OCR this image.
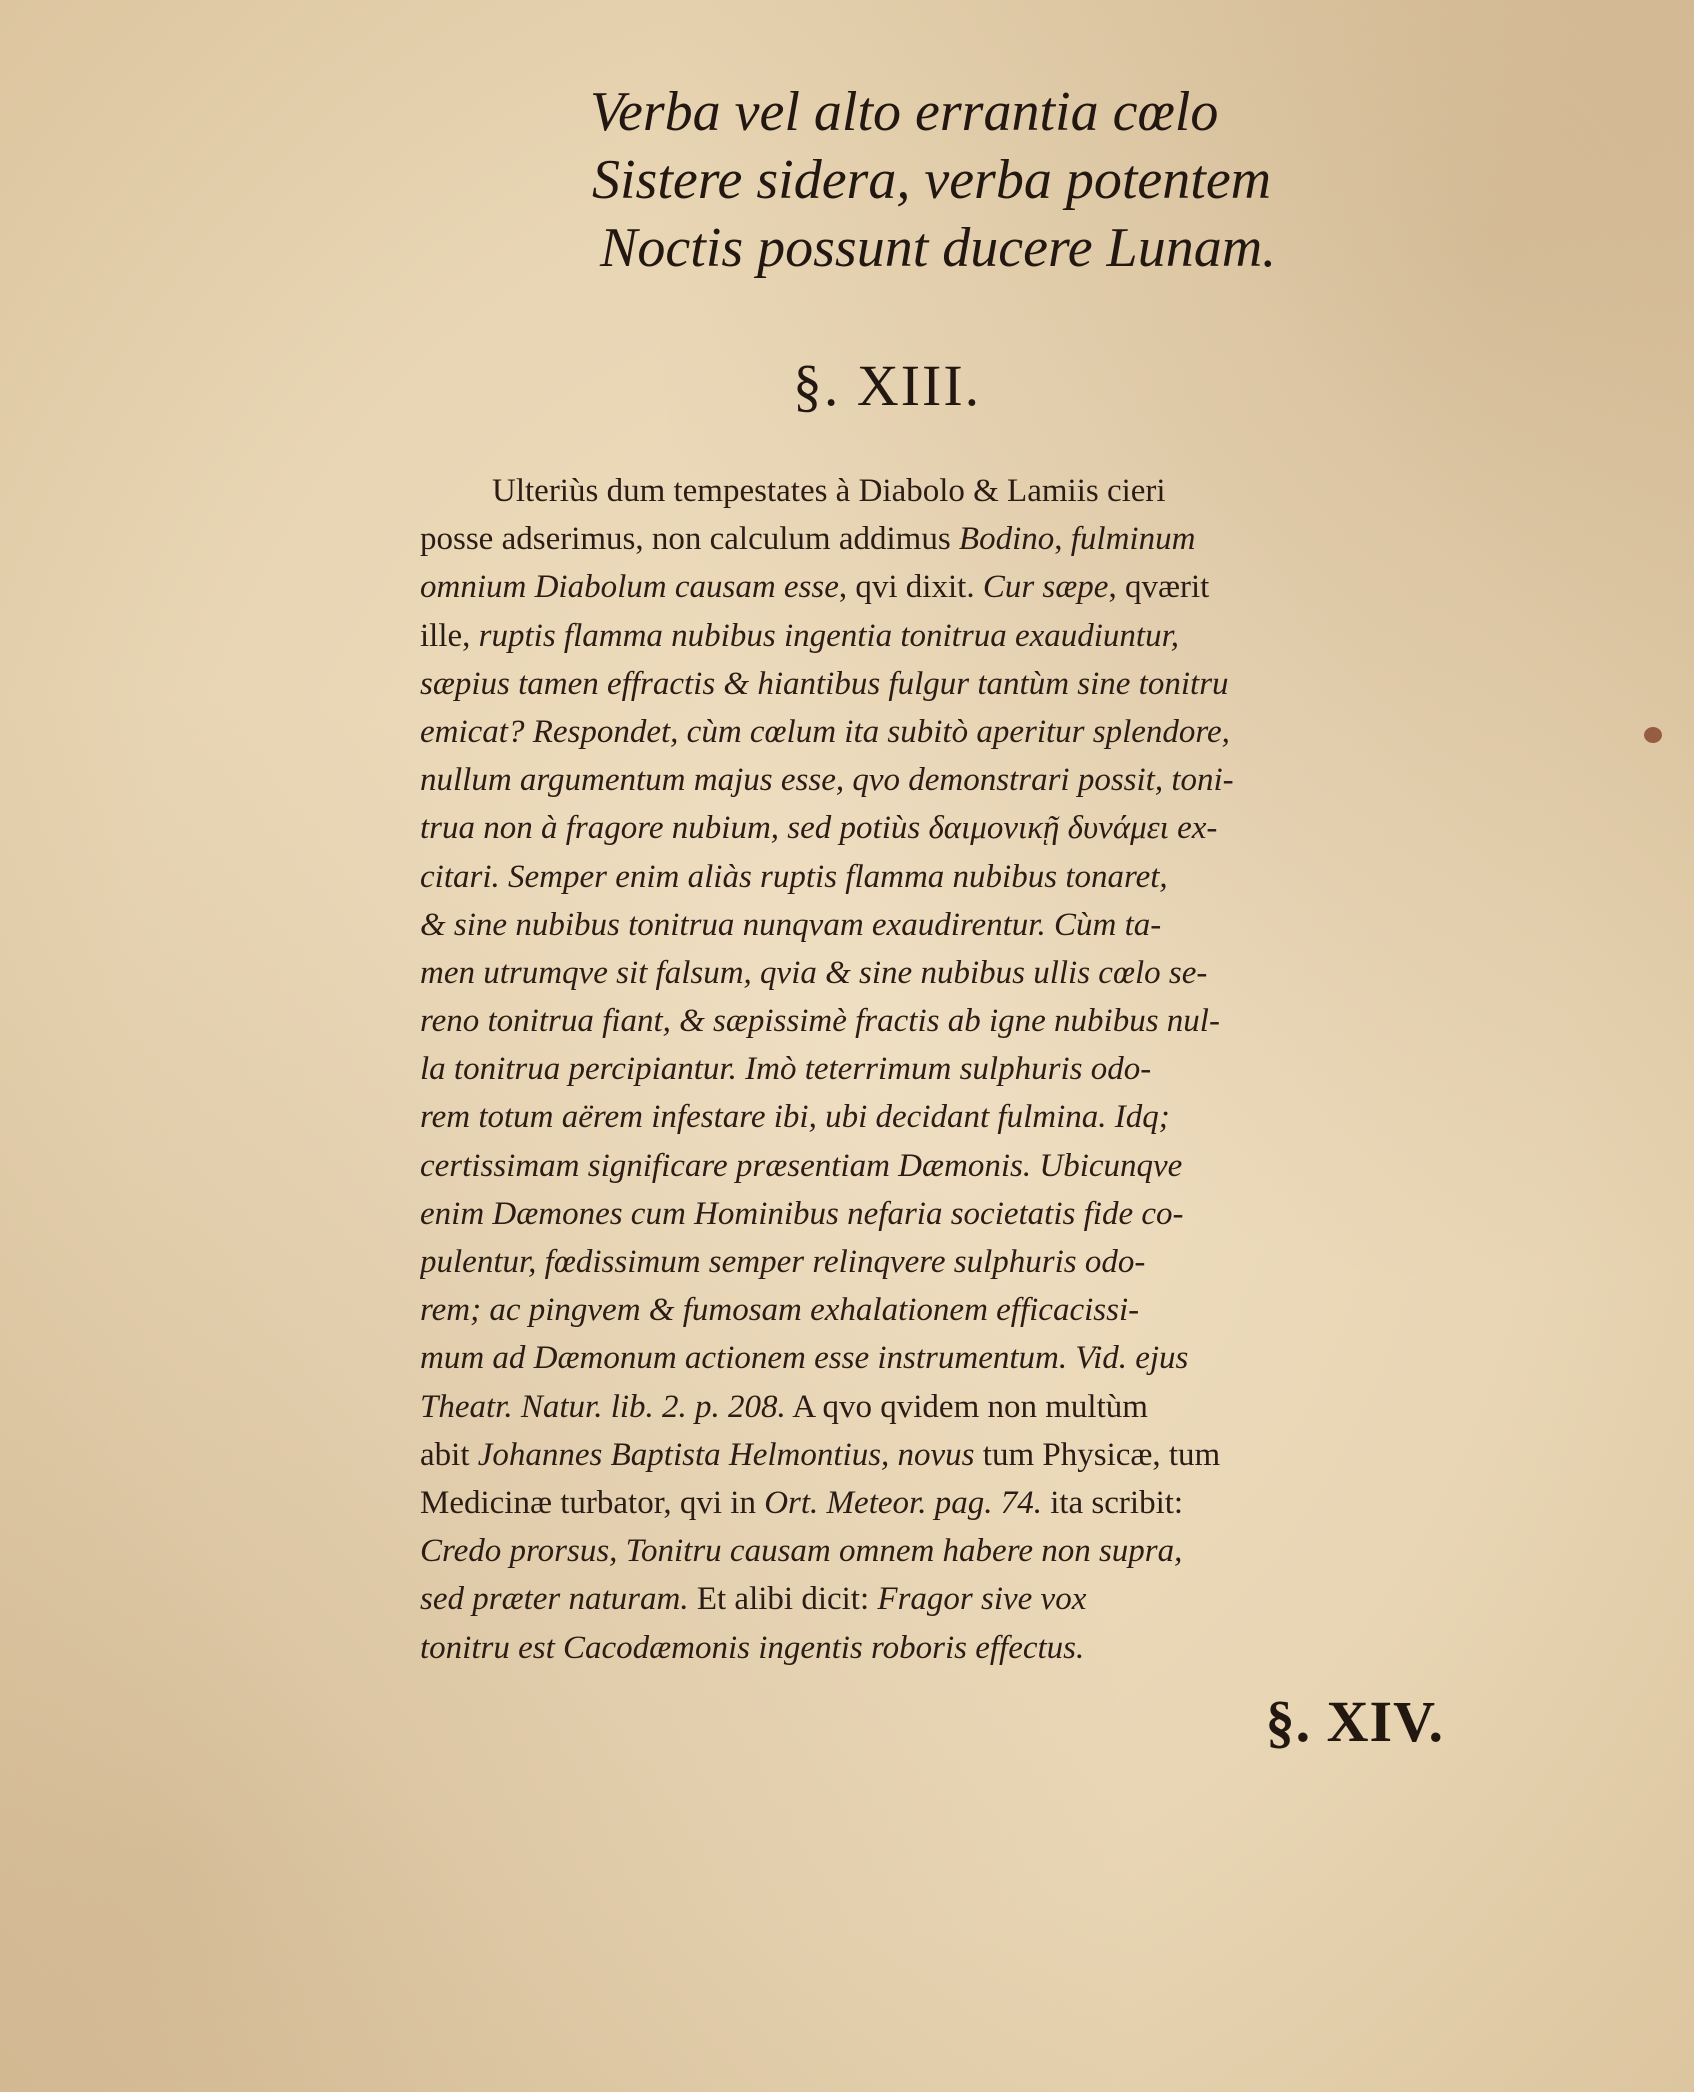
Verba vel alto errantia cœlo
Sistere sidera, verba potentem
Noctis possunt ducere Lunam.
§. XIII.
Ulteriùs dum tempestates à Diabolo & Lamiis cieri
posse adserimus, non calculum addimus Bodino, fulminum
omnium Diabolum causam esse, qvi dixit. Cur sæpe, qværit
ille, ruptis flamma nubibus ingentia tonitrua exaudiuntur,
sæpius tamen effractis & hiantibus fulgur tantùm sine tonitru
emicat? Respondet, cùm cœlum ita subitò aperitur splendore,
nullum argumentum majus esse, qvo demonstrari possit, toni-
trua non à fragore nubium, sed potiùs δαιμονικῇ δυνάμει ex-
citari. Semper enim aliàs ruptis flamma nubibus tonaret,
& sine nubibus tonitrua nunqvam exaudirentur. Cùm ta-
men utrumqve sit falsum, qvia & sine nubibus ullis cœlo se-
reno tonitrua fiant, & sæpissimè fractis ab igne nubibus nul-
la tonitrua percipiantur. Imò teterrimum sulphuris odo-
rem totum aërem infestare ibi, ubi decidant fulmina. Idq;
certissimam significare præsentiam Dæmonis. Ubicunqve
enim Dæmones cum Hominibus nefaria societatis fide co-
pulentur, fœdissimum semper relinqvere sulphuris odo-
rem; ac pingvem & fumosam exhalationem efficacissi-
mum ad Dæmonum actionem esse instrumentum. Vid. ejus
Theatr. Natur. lib. 2. p. 208. A qvo qvidem non multùm
abit Johannes Baptista Helmontius, novus tum Physicæ, tum
Medicinæ turbator, qvi in Ort. Meteor. pag. 74. ita scribit:
Credo prorsus, Tonitru causam omnem habere non supra,
sed præter naturam. Et alibi dicit: Fragor sive vox
tonitru est Cacodæmonis ingentis roboris effectus.
§. XIV.
